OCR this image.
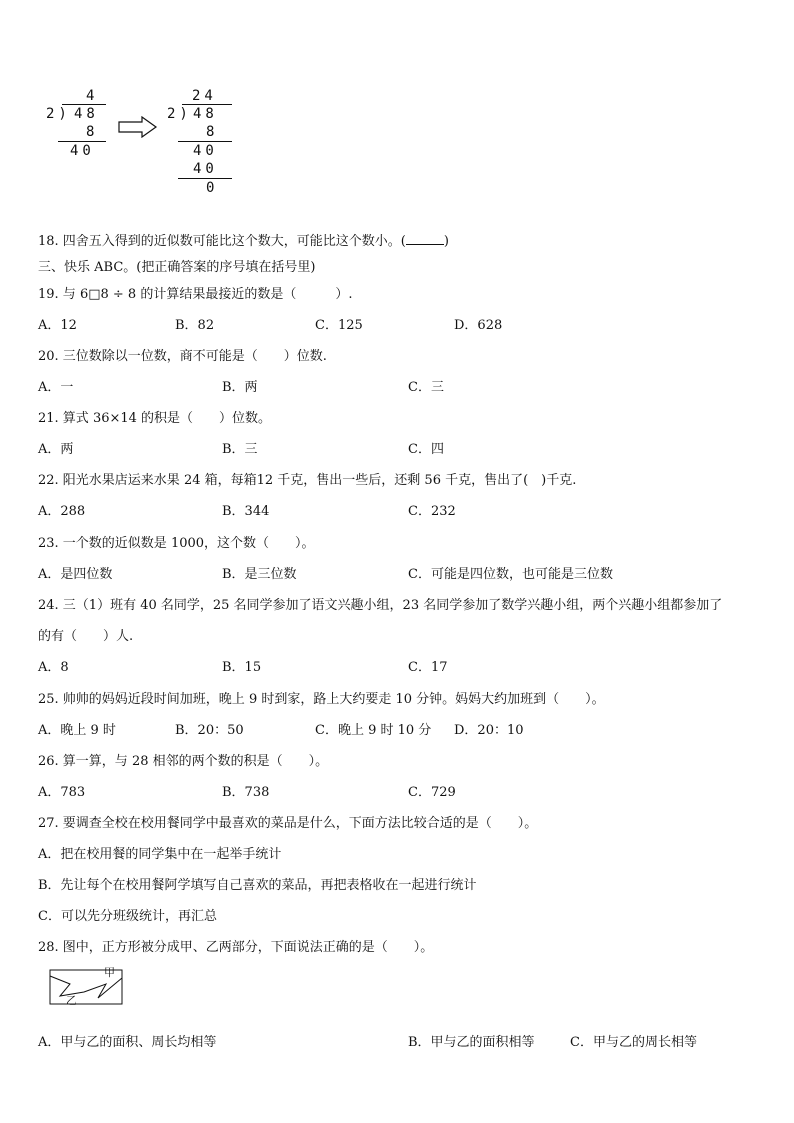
4
2) 48
8
40
24
2) 48
8
40
40
0
18. 四舍五入得到的近似数可能比这个数大，可能比这个数小。(	)
三、快乐 ABC。(把正确答案的序号填在括号里)
19. 与 6□8 ÷ 8 的计算结果最接近的数是（　　　）.
A．12	B．82	C．125	D．628
20. 三位数除以一位数，商不可能是（　　）位数.
A．一	B．两	C．三
21. 算式 36×14 的积是（　　）位数。
A．两	B．三	C．四
22. 阳光水果店运来水果 24 箱，每箱12 千克，售出一些后，还剩 56 千克，售出了(　)千克.
A．288	B．344	C．232
23. 一个数的近似数是 1000，这个数（　　）。
A．是四位数	B．是三位数	C．可能是四位数，也可能是三位数
24. 三（1）班有 40 名同学，25 名同学参加了语文兴趣小组，23 名同学参加了数学兴趣小组，两个兴趣小组都参加了
的有（　　）人.
A．8	B．15	C．17
25. 帅帅的妈妈近段时间加班，晚上 9 时到家，路上大约要走 10 分钟。妈妈大约加班到（　　）。
A．晚上 9 时	B．20：50	C．晚上 9 时 10 分 D．20：10
26. 算一算，与 28 相邻的两个数的积是（　　）。
A．783	B．738	C．729
27. 要调查全校在校用餐同学中最喜欢的菜品是什么，下面方法比较合适的是（　　）。
A．把在校用餐的同学集中在一起举手统计
B．先让每个在校用餐阿学填写自己喜欢的菜品，再把表格收在一起进行统计
C．可以先分班级统计，再汇总
28. 图中，正方形被分成甲、乙两部分，下面说法正确的是（　　）。
甲
乙
A．甲与乙的面积、周长均相等	B．甲与乙的面积相等	C．甲与乙的周长相等
